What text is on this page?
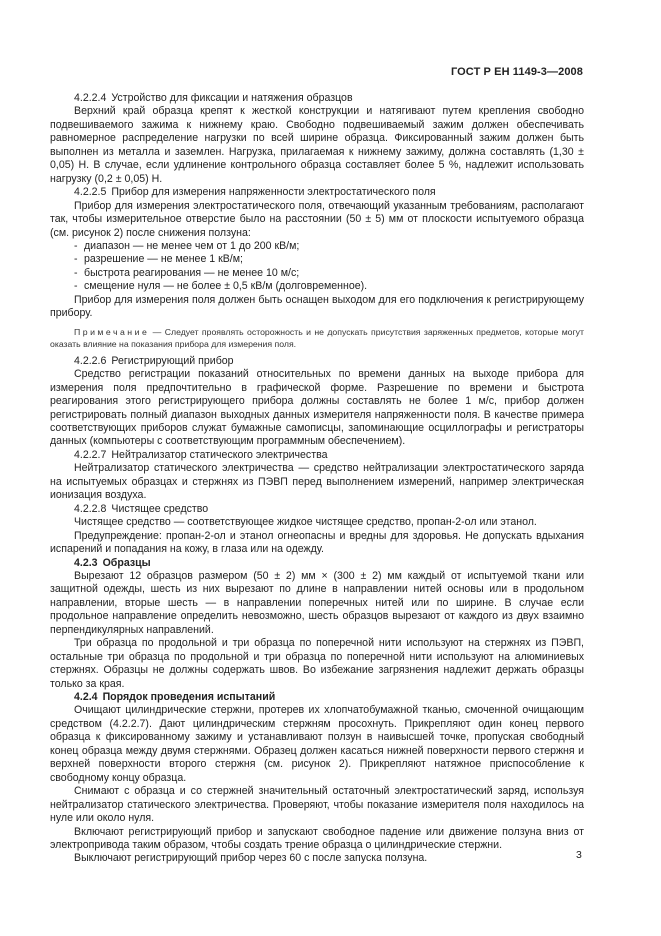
ГОСТ Р ЕН 1149-3—2008

4.2.2.4 Устройство для фиксации и натяжения образцов

Верхний край образца крепят к жесткой конструкции и натягивают путем крепления свободно подвешиваемого зажима к нижнему краю. Свободно подвешиваемый зажим должен обеспечивать равномерное распределение нагрузки по всей ширине образца. Фиксированный зажим должен быть выполнен из металла и заземлен. Нагрузка, прилагаемая к нижнему зажиму, должна составлять (1,30 ± 0,05) Н. В случае, если удлинение контрольного образца составляет более 5 %, надлежит использовать нагрузку (0,2 ± 0,05) Н.

4.2.2.5 Прибор для измерения напряженности электростатического поля

Прибор для измерения электростатического поля, отвечающий указанным требованиям, располагают так, чтобы измерительное отверстие было на расстоянии (50 ± 5) мм от плоскости испытуемого образца (см. рисунок 2) после снижения ползуна:

- диапазон — не менее чем от 1 до 200 кВ/м;
- разрешение — не менее 1 кВ/м;
- быстрота реагирования — не менее 10 м/с;
- смещение нуля — не более ± 0,5 кВ/м (долговременное).

Прибор для измерения поля должен быть оснащен выходом для его подключения к регистрирующему прибору.

Примечание — Следует проявлять осторожность и не допускать присутствия заряженных предметов, которые могут оказать влияние на показания прибора для измерения поля.

4.2.2.6 Регистрирующий прибор

Средство регистрации показаний относительных по времени данных на выходе прибора для измерения поля предпочтительно в графической форме. Разрешение по времени и быстрота реагирования этого регистрирующего прибора должны составлять не более 1 м/с, прибор должен регистрировать полный диапазон выходных данных измерителя напряженности поля. В качестве примера соответствующих приборов служат бумажные самописцы, запоминающие осциллографы и регистраторы данных (компьютеры с соответствующим программным обеспечением).

4.2.2.7 Нейтрализатор статического электричества

Нейтрализатор статического электричества — средство нейтрализации электростатического заряда на испытуемых образцах и стержнях из ПЭВП перед выполнением измерений, например электрическая ионизация воздуха.

4.2.2.8 Чистящее средство

Чистящее средство — соответствующее жидкое чистящее средство, пропан-2-ол или этанол.

Предупреждение: пропан-2-ол и этанол огнеопасны и вредны для здоровья. Не допускать вдыхания испарений и попадания на кожу, в глаза или на одежду.

4.2.3 Образцы

Вырезают 12 образцов размером (50 ± 2) мм × (300 ± 2) мм каждый от испытуемой ткани или защитной одежды, шесть из них вырезают по длине в направлении нитей основы или в продольном направлении, вторые шесть — в направлении поперечных нитей или по ширине. В случае если продольное направление определить невозможно, шесть образцов вырезают от каждого из двух взаимно перпендикулярных направлений.

Три образца по продольной и три образца по поперечной нити используют на стержнях из ПЭВП, остальные три образца по продольной и три образца по поперечной нити используют на алюминиевых стержнях. Образцы не должны содержать швов. Во избежание загрязнения надлежит держать образцы только за края.

4.2.4 Порядок проведения испытаний

Очищают цилиндрические стержни, протерев их хлопчатобумажной тканью, смоченной очищающим средством (4.2.2.7). Дают цилиндрическим стержням просохнуть. Прикрепляют один конец первого образца к фиксированному зажиму и устанавливают ползун в наивысшей точке, пропуская свободный конец образца между двумя стержнями. Образец должен касаться нижней поверхности первого стержня и верхней поверхности второго стержня (см. рисунок 2). Прикрепляют натяжное приспособление к свободному концу образца.

Снимают с образца и со стержней значительный остаточный электростатический заряд, используя нейтрализатор статического электричества. Проверяют, чтобы показание измерителя поля находилось на нуле или около нуля.

Включают регистрирующий прибор и запускают свободное падение или движение ползуна вниз от электропривода таким образом, чтобы создать трение образца о цилиндрические стержни.

Выключают регистрирующий прибор через 60 с после запуска ползуна.	3
